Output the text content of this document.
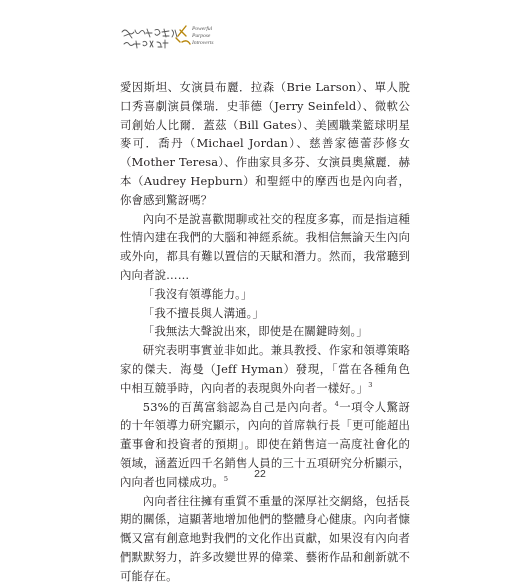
Powerful
Purpose
Introverts

愛因斯坦、女演員布麗．拉森（Brie Larson）、單人脫口秀喜劇演員傑瑞．史菲德（Jerry Seinfeld）、微軟公司創始人比爾．蓋茲（Bill Gates）、美國職業籃球明星麥可．喬丹（Michael Jordan）、慈善家德蕾莎修女（Mother Teresa）、作曲家貝多芬、女演員奧黛麗．赫本（Audrey Hepburn）和聖經中的摩西也是內向者，你會感到驚訝嗎？

內向不是說喜歡閒聊或社交的程度多寡，而是指這種性情內建在我們的大腦和神經系統。我相信無論天生內向或外向，都具有難以置信的天賦和潛力。然而，我常聽到內向者說……

「我沒有領導能力。」

「我不擅長與人溝通。」

「我無法大聲說出來，即使是在關鍵時刻。」

研究表明事實並非如此。兼具教授、作家和領導策略家的傑夫．海曼（Jeff Hyman）發現，「當在各種角色中相互競爭時，內向者的表現與外向者一樣好。」$^3$

53%的百萬富翁認為自己是內向者。$^4$一項令人驚訝的十年領導力研究顯示，內向的首席執行長「更可能超出董事會和投資者的預期」。即使在銷售這一高度社會化的領域，涵蓋近四千名銷售人員的三十五項研究分析顯示，內向者也同樣成功。$^5$

內向者往往擁有重質不重量的深厚社交網絡，包括長期的關係，這顯著地增加他們的整體身心健康。內向者慷慨又富有創意地對我們的文化作出貢獻，如果沒有內向者們默默努力，許多改變世界的偉業、藝術作品和創新就不可能存在。

22
